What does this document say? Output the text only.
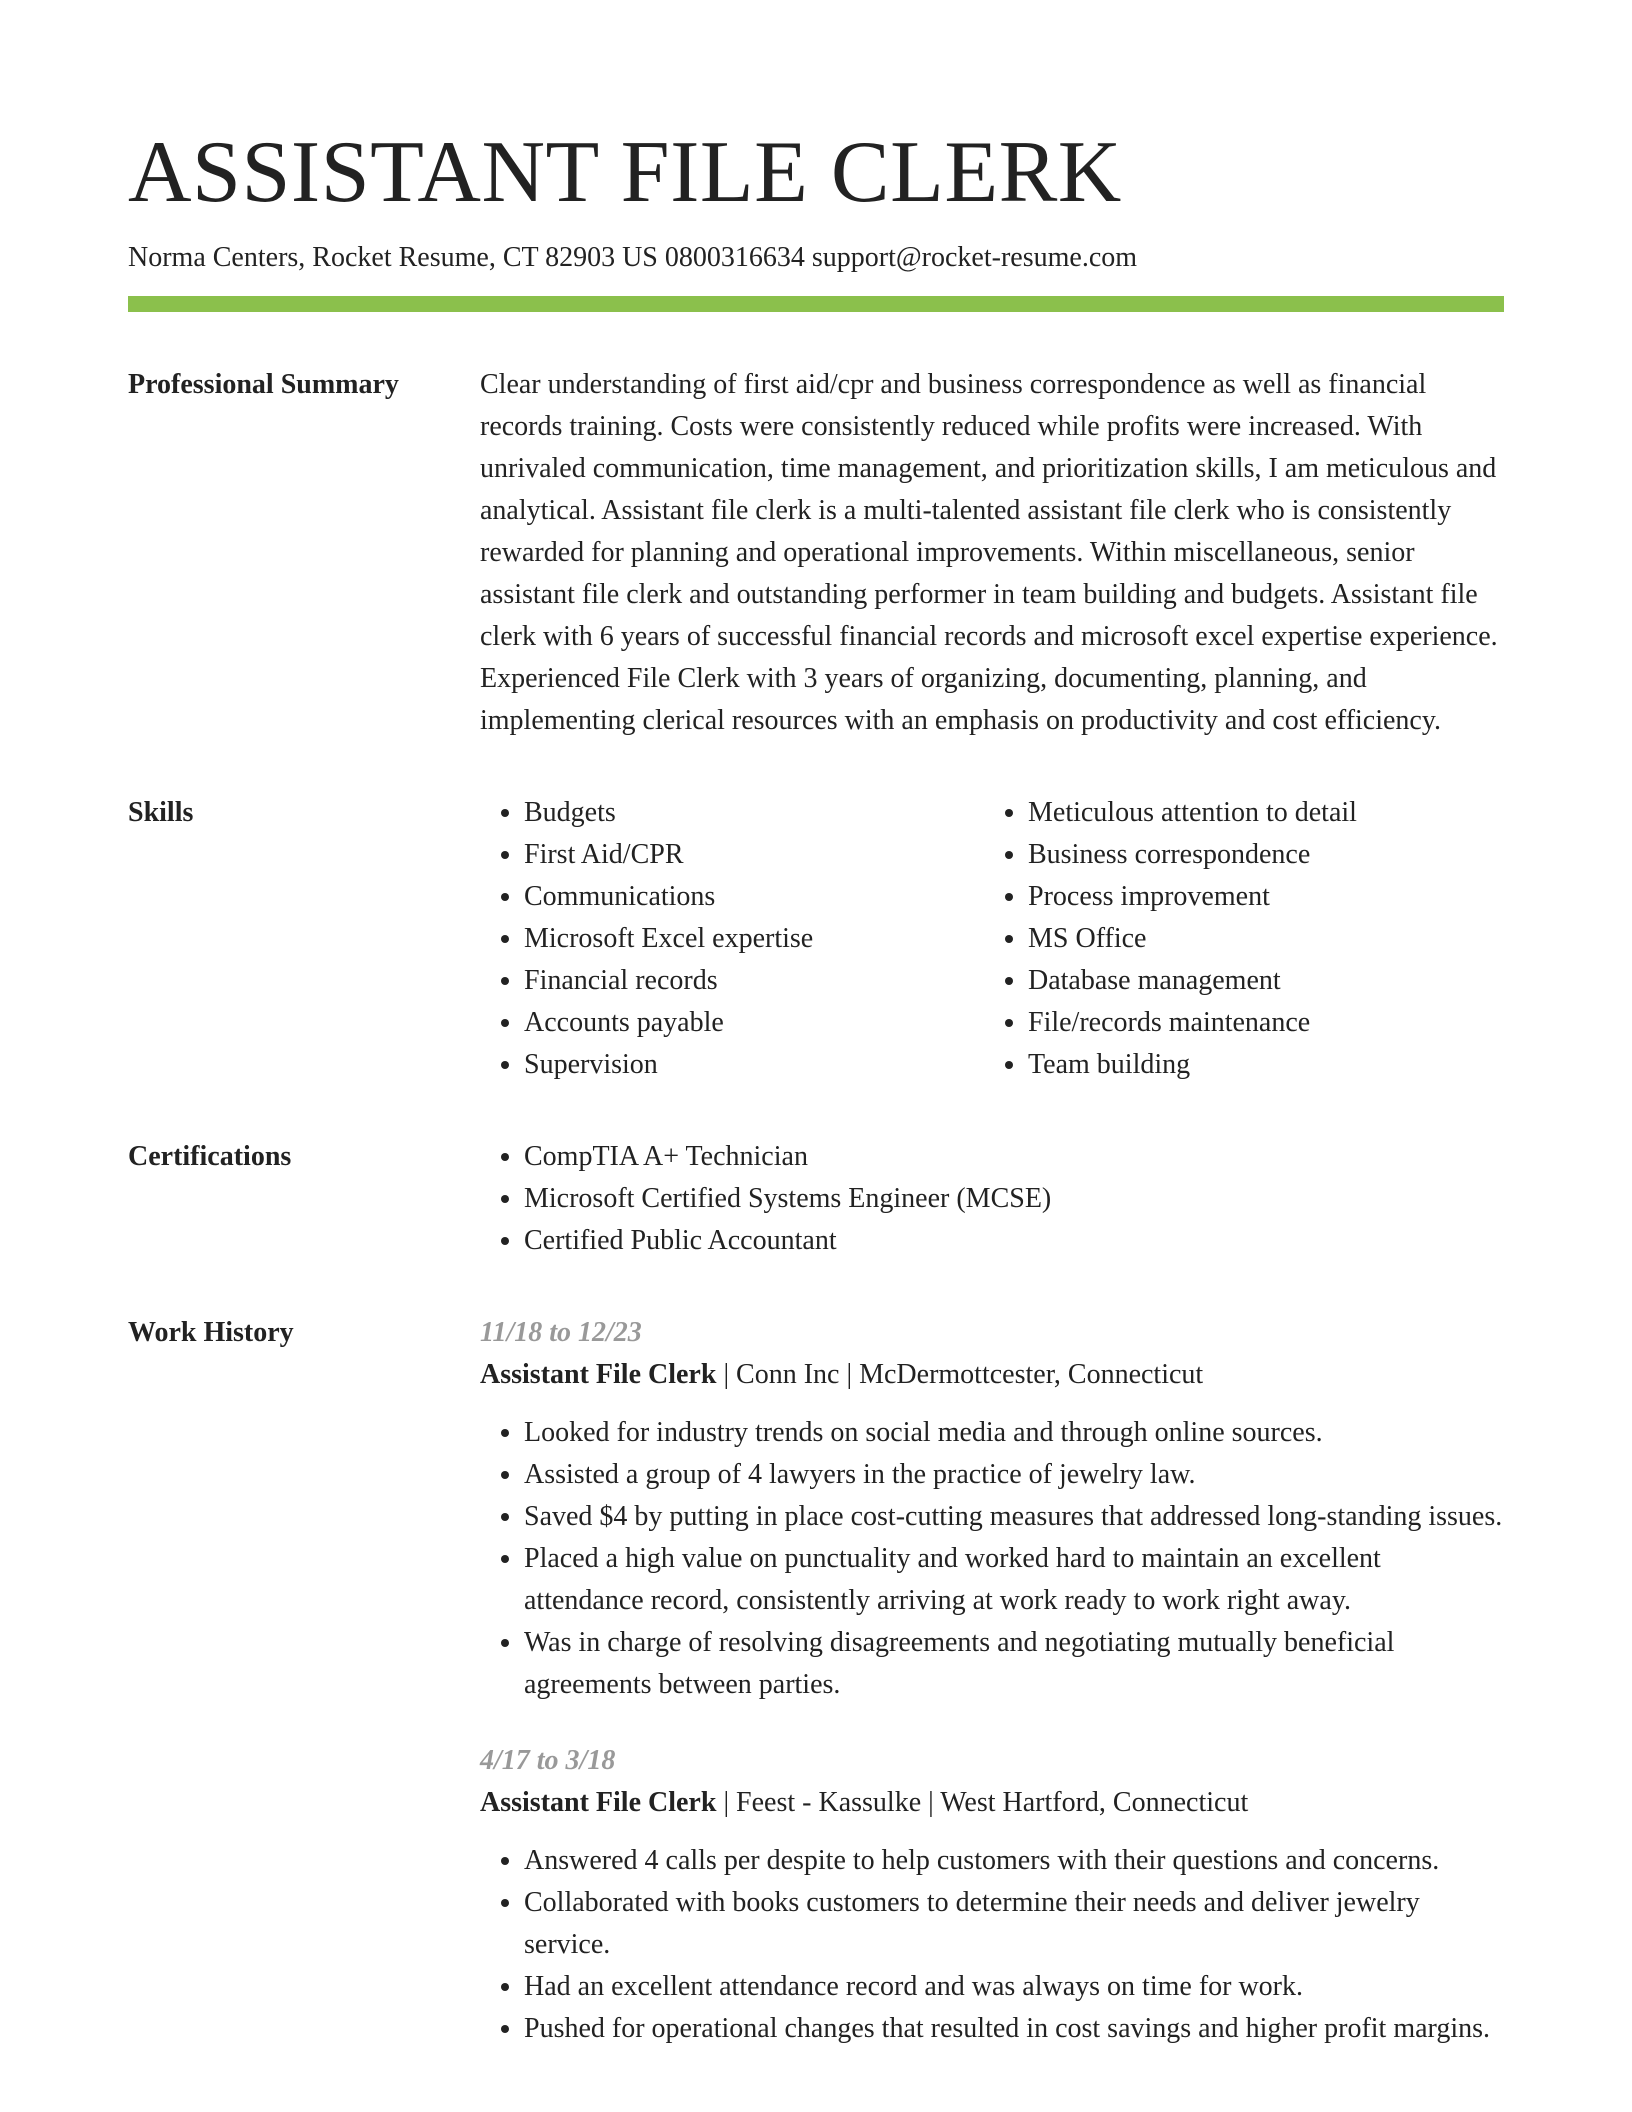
ASSISTANT FILE CLERK
Norma Centers, Rocket Resume, CT 82903 US 0800316634 support@rocket-resume.com
Professional Summary	Clear understanding of first aid/cpr and business correspondence as well as financial records training. Costs were consistently reduced while profits were increased. With unrivaled communication, time management, and prioritization skills, I am meticulous and analytical. Assistant file clerk is a multi-talented assistant file clerk who is consistently rewarded for planning and operational improvements. Within miscellaneous, senior assistant file clerk and outstanding performer in team building and budgets. Assistant file clerk with 6 years of successful financial records and microsoft excel expertise experience. Experienced File Clerk with 3 years of organizing, documenting, planning, and implementing clerical resources with an emphasis on productivity and cost efficiency.

Skills	• Budgets
• First Aid/CPR
• Communications
• Microsoft Excel expertise
• Financial records
• Accounts payable
• Supervision
• Meticulous attention to detail
• Business correspondence
• Process improvement
• MS Office
• Database management
• File/records maintenance
• Team building
Certifications	• CompTIA A+ Technician
• Microsoft Certified Systems Engineer (MCSE)
• Certified Public Accountant
Work History	11/18 to 12/23
Assistant File Clerk | Conn Inc | McDermottcester, Connecticut
• Looked for industry trends on social media and through online sources.
• Assisted a group of 4 lawyers in the practice of jewelry law.
• Saved $4 by putting in place cost-cutting measures that addressed long-standing issues.
• Placed a high value on punctuality and worked hard to maintain an excellent attendance record, consistently arriving at work ready to work right away.
• Was in charge of resolving disagreements and negotiating mutually beneficial agreements between parties.
4/17 to 3/18
Assistant File Clerk | Feest - Kassulke | West Hartford, Connecticut
• Answered 4 calls per despite to help customers with their questions and concerns.
• Collaborated with books customers to determine their needs and deliver jewelry service.
• Had an excellent attendance record and was always on time for work.
• Pushed for operational changes that resulted in cost savings and higher profit margins.
